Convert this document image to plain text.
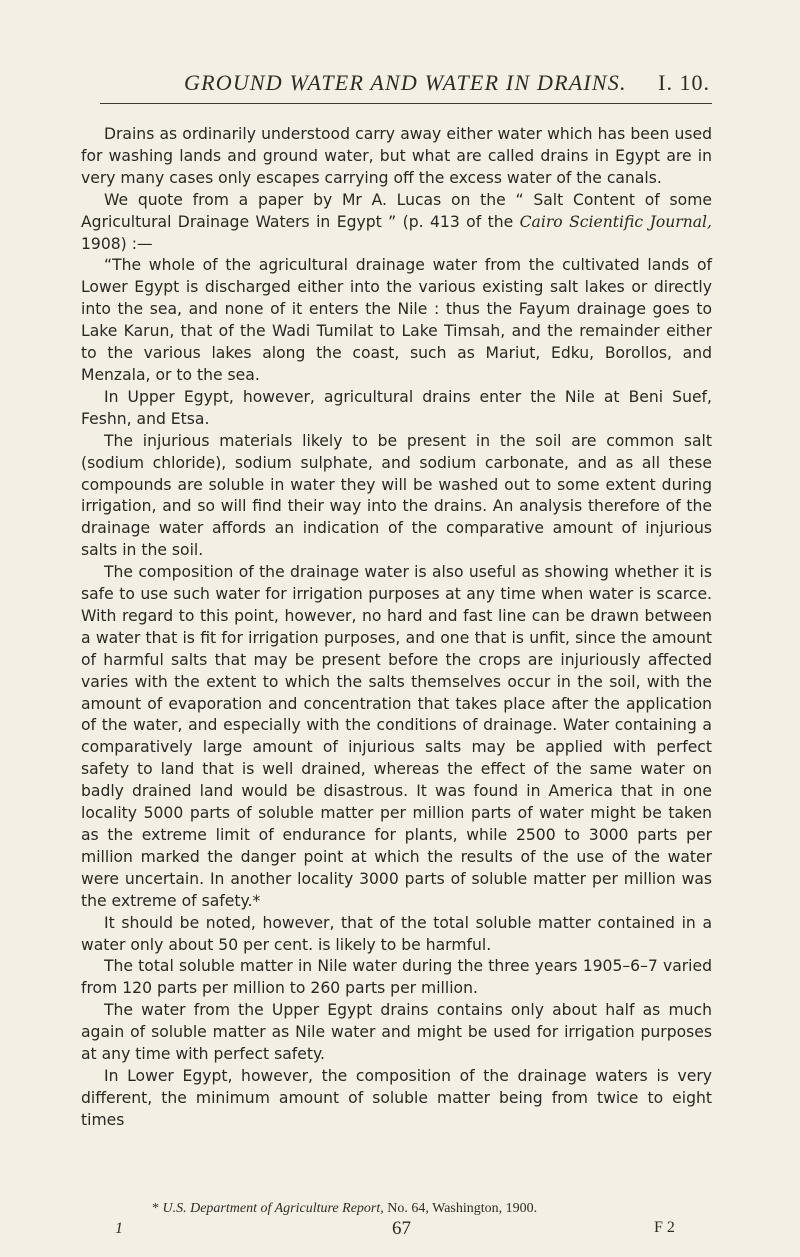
GROUND WATER AND WATER IN DRAINS. I. 10.

Drains as ordinarily understood carry away either water which has been used for washing lands and ground water, but what are called drains in Egypt are in very many cases only escapes carrying off the excess water of the canals.

We quote from a paper by Mr A. Lucas on the “ Salt Content of some Agricultural Drainage Waters in Egypt ” (p. 413 of the Cairo Scientific Journal, 1908) :—

“The whole of the agricultural drainage water from the cultivated lands of Lower Egypt is discharged either into the various existing salt lakes or directly into the sea, and none of it enters the Nile : thus the Fayum drainage goes to Lake Karun, that of the Wadi Tumilat to Lake Timsah, and the remainder either to the various lakes along the coast, such as Mariut, Edku, Borollos, and Menzala, or to the sea.

In Upper Egypt, however, agricultural drains enter the Nile at Beni Suef, Feshn, and Etsa.

The injurious materials likely to be present in the soil are common salt (sodium chloride), sodium sulphate, and sodium carbonate, and as all these compounds are soluble in water they will be washed out to some extent during irrigation, and so will find their way into the drains. An analysis therefore of the drainage water affords an indication of the comparative amount of injurious salts in the soil.

The composition of the drainage water is also useful as showing whether it is safe to use such water for irrigation purposes at any time when water is scarce. With regard to this point, however, no hard and fast line can be drawn between a water that is fit for irrigation purposes, and one that is unfit, since the amount of harmful salts that may be present before the crops are injuriously affected varies with the extent to which the salts themselves occur in the soil, with the amount of evaporation and concentration that takes place after the application of the water, and especially with the conditions of drainage. Water containing a comparatively large amount of injurious salts may be applied with perfect safety to land that is well drained, whereas the effect of the same water on badly drained land would be disastrous. It was found in America that in one locality 5000 parts of soluble matter per million parts of water might be taken as the extreme limit of endurance for plants, while 2500 to 3000 parts per million marked the danger point at which the results of the use of the water were uncertain. In another locality 3000 parts of soluble matter per million was the extreme of safety.*

It should be noted, however, that of the total soluble matter contained in a water only about 50 per cent. is likely to be harmful.

The total soluble matter in Nile water during the three years 1905–6–7 varied from 120 parts per million to 260 parts per million.

The water from the Upper Egypt drains contains only about half as much again of soluble matter as Nile water and might be used for irrigation purposes at any time with perfect safety.

In Lower Egypt, however, the composition of the drainage waters is very different, the minimum amount of soluble matter being from twice to eight times

* U.S. Department of Agriculture Report, No. 64, Washington, 1900.
1	67	F 2
